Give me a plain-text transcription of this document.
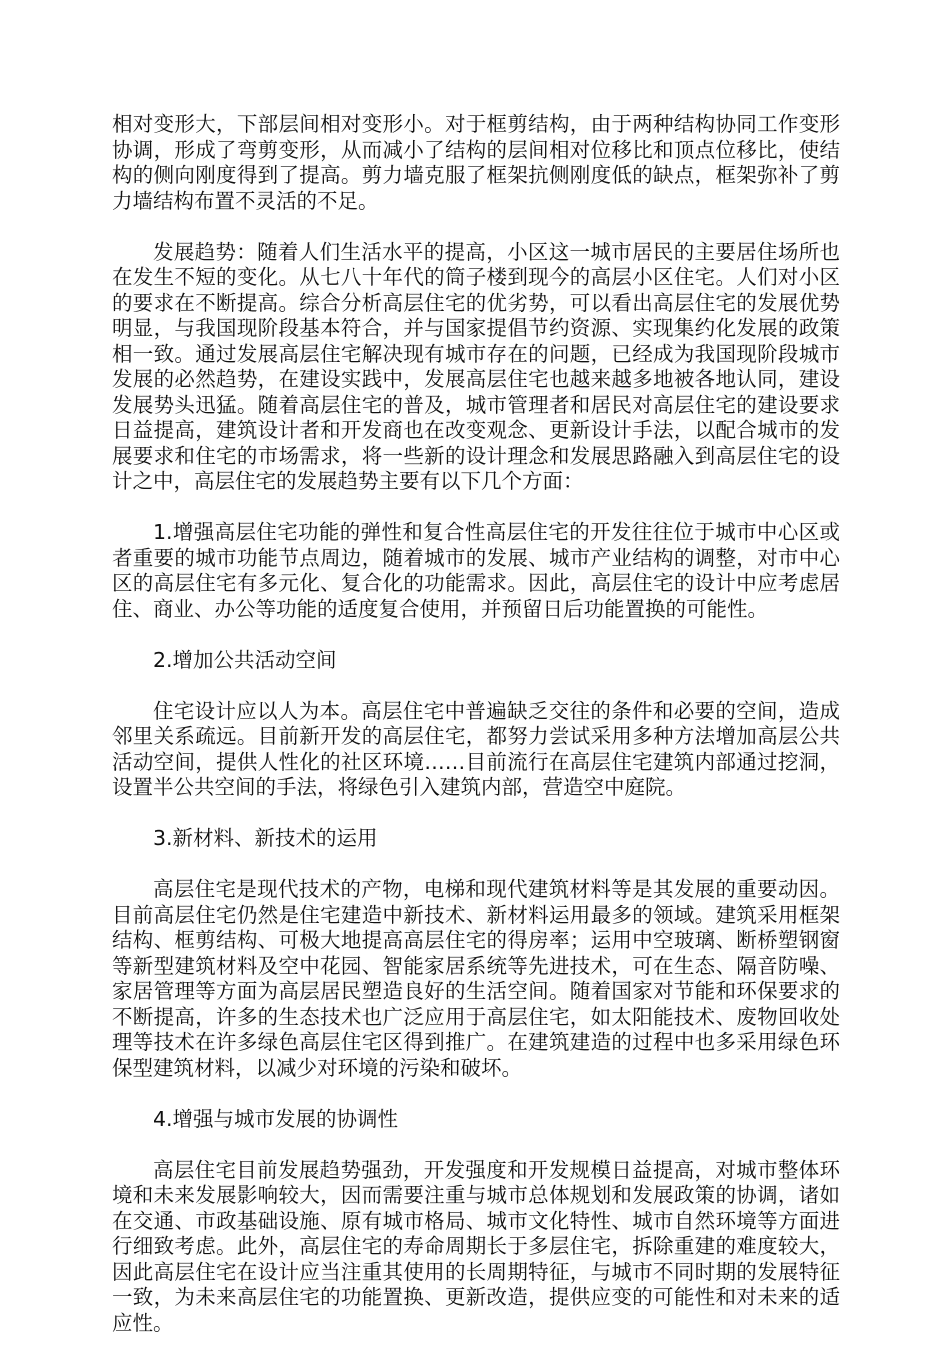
相对变形大，下部层间相对变形小。对于框剪结构，由于两种结构协同工作变形协调，形成了弯剪变形，从而减小了结构的层间相对位移比和顶点位移比，使结构的侧向刚度得到了提高。剪力墙克服了框架抗侧刚度低的缺点，框架弥补了剪力墙结构布置不灵活的不足。

发展趋势：随着人们生活水平的提高，小区这一城市居民的主要居住场所也在发生不短的变化。从七八十年代的筒子楼到现今的高层小区住宅。人们对小区的要求在不断提高。综合分析高层住宅的优劣势，可以看出高层住宅的发展优势明显，与我国现阶段基本符合，并与国家提倡节约资源、实现集约化发展的政策相一致。通过发展高层住宅解决现有城市存在的问题，已经成为我国现阶段城市发展的必然趋势，在建设实践中，发展高层住宅也越来越多地被各地认同，建设发展势头迅猛。随着高层住宅的普及，城市管理者和居民对高层住宅的建设要求日益提高，建筑设计者和开发商也在改变观念、更新设计手法，以配合城市的发展要求和住宅的市场需求，将一些新的设计理念和发展思路融入到高层住宅的设计之中，高层住宅的发展趋势主要有以下几个方面：

1.增强高层住宅功能的弹性和复合性高层住宅的开发往往位于城市中心区或者重要的城市功能节点周边，随着城市的发展、城市产业结构的调整，对市中心区的高层住宅有多元化、复合化的功能需求。因此，高层住宅的设计中应考虑居住、商业、办公等功能的适度复合使用，并预留日后功能置换的可能性。

2.增加公共活动空间

住宅设计应以人为本。高层住宅中普遍缺乏交往的条件和必要的空间，造成邻里关系疏远。目前新开发的高层住宅，都努力尝试采用多种方法增加高层公共活动空间，提供人性化的社区环境……目前流行在高层住宅建筑内部通过挖洞，设置半公共空间的手法，将绿色引入建筑内部，营造空中庭院。

3.新材料、新技术的运用

高层住宅是现代技术的产物，电梯和现代建筑材料等是其发展的重要动因。目前高层住宅仍然是住宅建造中新技术、新材料运用最多的领域。建筑采用框架结构、框剪结构、可极大地提高高层住宅的得房率；运用中空玻璃、断桥塑钢窗等新型建筑材料及空中花园、智能家居系统等先进技术，可在生态、隔音防噪、家居管理等方面为高层居民塑造良好的生活空间。随着国家对节能和环保要求的不断提高，许多的生态技术也广泛应用于高层住宅，如太阳能技术、废物回收处理等技术在许多绿色高层住宅区得到推广。在建筑建造的过程中也多采用绿色环保型建筑材料，以减少对环境的污染和破坏。

4.增强与城市发展的协调性

高层住宅目前发展趋势强劲，开发强度和开发规模日益提高，对城市整体环境和未来发展影响较大，因而需要注重与城市总体规划和发展政策的协调，诸如在交通、市政基础设施、原有城市格局、城市文化特性、城市自然环境等方面进行细致考虑。此外，高层住宅的寿命周期长于多层住宅，拆除重建的难度较大，因此高层住宅在设计应当注重其使用的长周期特征，与城市不同时期的发展特征一致，为未来高层住宅的功能置换、更新改造，提供应变的可能性和对未来的适应性。
